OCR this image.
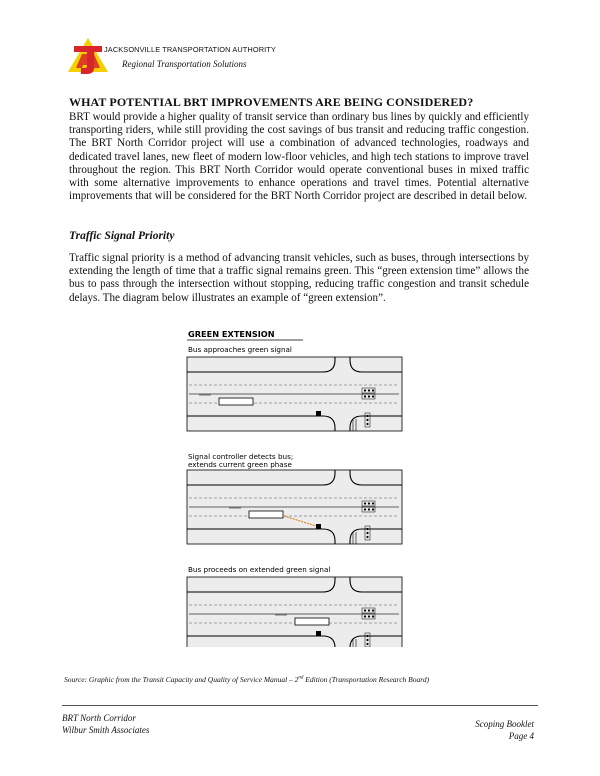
JACKSONVILLE TRANSPORTATION AUTHORITY
Regional Transportation Solutions
WHAT POTENTIAL BRT IMPROVEMENTS ARE BEING CONSIDERED?
BRT would provide a higher quality of transit service than ordinary bus lines by quickly and efficiently transporting riders, while still providing the cost savings of bus transit and reducing traffic congestion. The BRT North Corridor project will use a combination of advanced technologies, roadways and dedicated travel lanes, new fleet of modern low-floor vehicles, and high tech stations to improve travel throughout the region. This BRT North Corridor would operate conventional buses in mixed traffic with some alternative improvements to enhance operations and travel times. Potential alternative improvements that will be considered for the BRT North Corridor project are described in detail below.
Traffic Signal Priority
Traffic signal priority is a method of advancing transit vehicles, such as buses, through intersections by extending the length of time that a traffic signal remains green. This “green extension time” allows the bus to pass through the intersection without stopping, reducing traffic congestion and transit schedule delays. The diagram below illustrates an example of “green extension”.
GREEN EXTENSION
Bus approaches green signal
Signal controller detects bus;
extends current green phase
Bus proceeds on extended green signal
Source: Graphic from the Transit Capacity and Quality of Service Manual – 2nd Edition (Transportation Research Board)
BRT North Corridor
Wilbur Smith Associates
Scoping Booklet
Page 4
